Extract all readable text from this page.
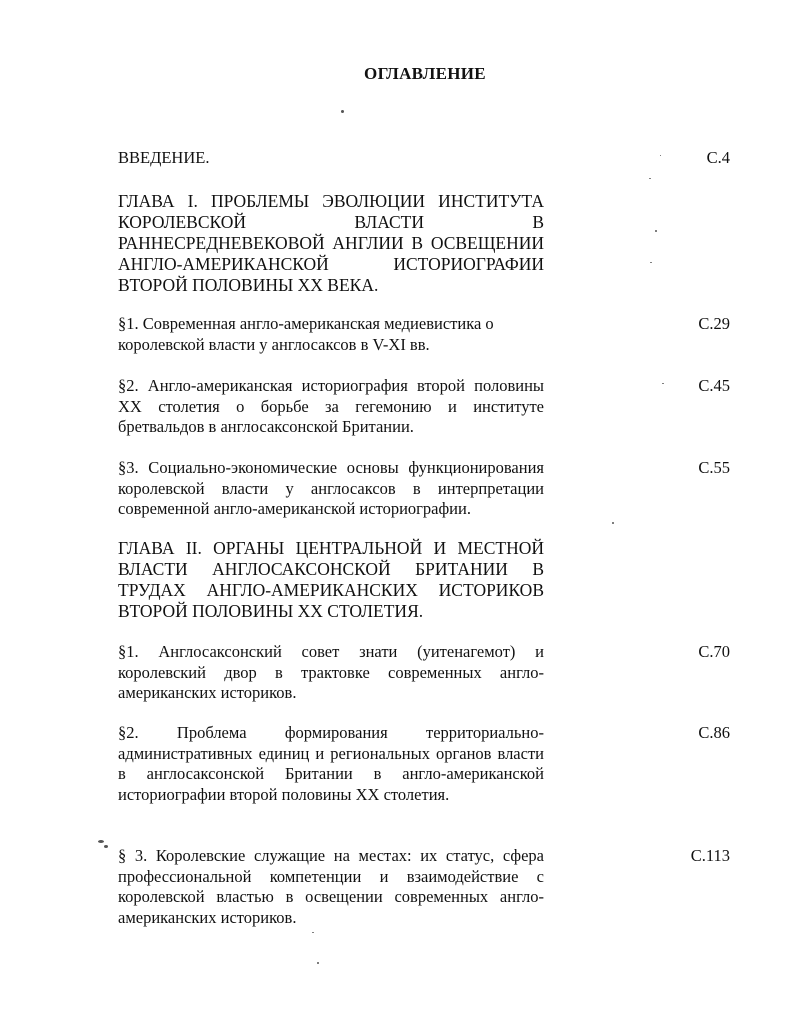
ОГЛАВЛЕНИЕ
ВВЕДЕНИЕ.	С.4
ГЛАВА I. ПРОБЛЕМЫ ЭВОЛЮЦИИ ИНСТИТУТА КОРОЛЕВСКОЙ ВЛАСТИ В РАННЕСРЕДНЕВЕКОВОЙ АНГЛИИ В ОСВЕЩЕНИИ АНГЛО-АМЕРИКАНСКОЙ ИСТОРИОГРАФИИ ВТОРОЙ ПОЛОВИНЫ XX ВЕКА.
§1. Современная англо-американская медиевистика о королевской власти у англосаксов в V-XI вв.
С.29
§2. Англо-американская историография второй половины XX столетия о борьбе за гегемонию и институте бретвальдов в англосаксонской Британии.
С.45
§3. Социально-экономические основы функционирования королевской власти у англосаксов в интерпретации современной англо-американской историографии.
С.55
ГЛАВА II. ОРГАНЫ ЦЕНТРАЛЬНОЙ И МЕСТНОЙ ВЛАСТИ АНГЛОСАКСОНСКОЙ БРИТАНИИ В ТРУДАХ АНГЛО-АМЕРИКАНСКИХ ИСТОРИКОВ ВТОРОЙ ПОЛОВИНЫ XX СТОЛЕТИЯ.
§1. Англосаксонский совет знати (уитенагемот) и королевский двор в трактовке современных англо-американских историков.
С.70
§2. Проблема формирования территориально-административных единиц и региональных органов власти в англосаксонской Британии в англо-американской историографии второй половины XX столетия.
С.86
§ 3. Королевские служащие на местах: их статус, сфера профессиональной компетенции и взаимодействие с королевской властью в освещении современных англо-американских историков.
С.113
